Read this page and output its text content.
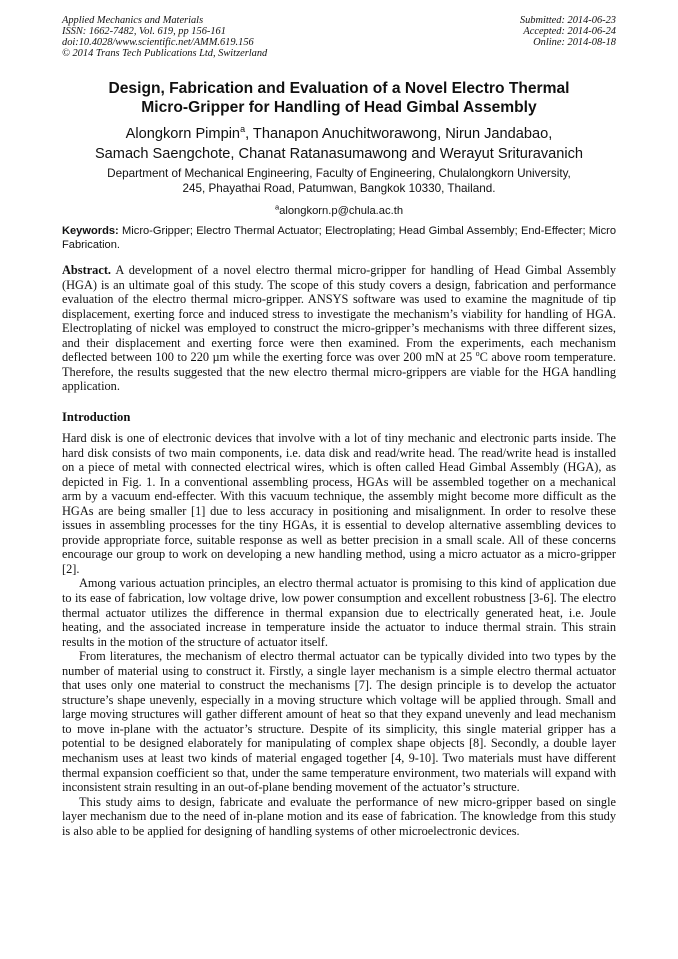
Applied Mechanics and Materials
ISSN: 1662-7482, Vol. 619, pp 156-161
doi:10.4028/www.scientific.net/AMM.619.156
© 2014 Trans Tech Publications Ltd, Switzerland
Submitted: 2014-06-23
Accepted: 2014-06-24
Online: 2014-08-18
Design, Fabrication and Evaluation of a Novel Electro Thermal
Micro-Gripper for Handling of Head Gimbal Assembly
Alongkorn Pimpin$^a$, Thanapon Anuchitworawong, Nirun Jandabao,
Samach Saengchote, Chanat Ratanasumawong and Werayut Srituravanich
Department of Mechanical Engineering, Faculty of Engineering, Chulalongkorn University,
245, Phayathai Road, Patumwan, Bangkok 10330, Thailand.
$^a$alongkorn.p@chula.ac.th
Keywords: Micro-Gripper; Electro Thermal Actuator; Electroplating; Head Gimbal Assembly; End-Effecter; Micro Fabrication.
Abstract. A development of a novel electro thermal micro-gripper for handling of Head Gimbal Assembly (HGA) is an ultimate goal of this study. The scope of this study covers a design, fabrication and performance evaluation of the electro thermal micro-gripper. ANSYS software was used to examine the magnitude of tip displacement, exerting force and induced stress to investigate the mechanism’s viability for handling of HGA. Electroplating of nickel was employed to construct the micro-gripper’s mechanisms with three different sizes, and their displacement and exerting force were then examined. From the experiments, each mechanism deflected between 100 to 220 µm while the exerting force was over 200 mN at 25 $^o$C above room temperature. Therefore, the results suggested that the new electro thermal micro-grippers are viable for the HGA handling application.
Introduction

Hard disk is one of electronic devices that involve with a lot of tiny mechanic and electronic parts inside. The hard disk consists of two main components, i.e. data disk and read/write head. The read/write head is installed on a piece of metal with connected electrical wires, which is often called Head Gimbal Assembly (HGA), as depicted in Fig. 1. In a conventional assembling process, HGAs will be assembled together on a mechanical arm by a vacuum end-effecter. With this vacuum technique, the assembly might become more difficult as the HGAs are being smaller [1] due to less accuracy in positioning and misalignment. In order to resolve these issues in assembling processes for the tiny HGAs, it is essential to develop alternative assembling devices to provide appropriate force, suitable response as well as better precision in a small scale. All of these concerns encourage our group to work on developing a new handling method, using a micro actuator as a micro-gripper [2].

Among various actuation principles, an electro thermal actuator is promising to this kind of application due to its ease of fabrication, low voltage drive, low power consumption and excellent robustness [3-6]. The electro thermal actuator utilizes the difference in thermal expansion due to electrically generated heat, i.e. Joule heating, and the associated increase in temperature inside the actuator to induce thermal strain. This strain results in the motion of the structure of actuator itself.

From literatures, the mechanism of electro thermal actuator can be typically divided into two types by the number of material using to construct it. Firstly, a single layer mechanism is a simple electro thermal actuator that uses only one material to construct the mechanisms [7]. The design principle is to develop the actuator structure’s shape unevenly, especially in a moving structure which voltage will be applied through. Small and large moving structures will gather different amount of heat so that they expand unevenly and lead mechanism to move in-plane with the actuator’s structure. Despite of its simplicity, this single material gripper has a potential to be designed elaborately for manipulating of complex shape objects [8]. Secondly, a double layer mechanism uses at least two kinds of material engaged together [4, 9-10]. Two materials must have different thermal expansion coefficient so that, under the same temperature environment, two materials will expand with inconsistent strain resulting in an out-of-plane bending movement of the actuator’s structure.

This study aims to design, fabricate and evaluate the performance of new micro-gripper based on single layer mechanism due to the need of in-plane motion and its ease of fabrication. The knowledge from this study is also able to be applied for designing of handling systems of other microelectronic devices.
